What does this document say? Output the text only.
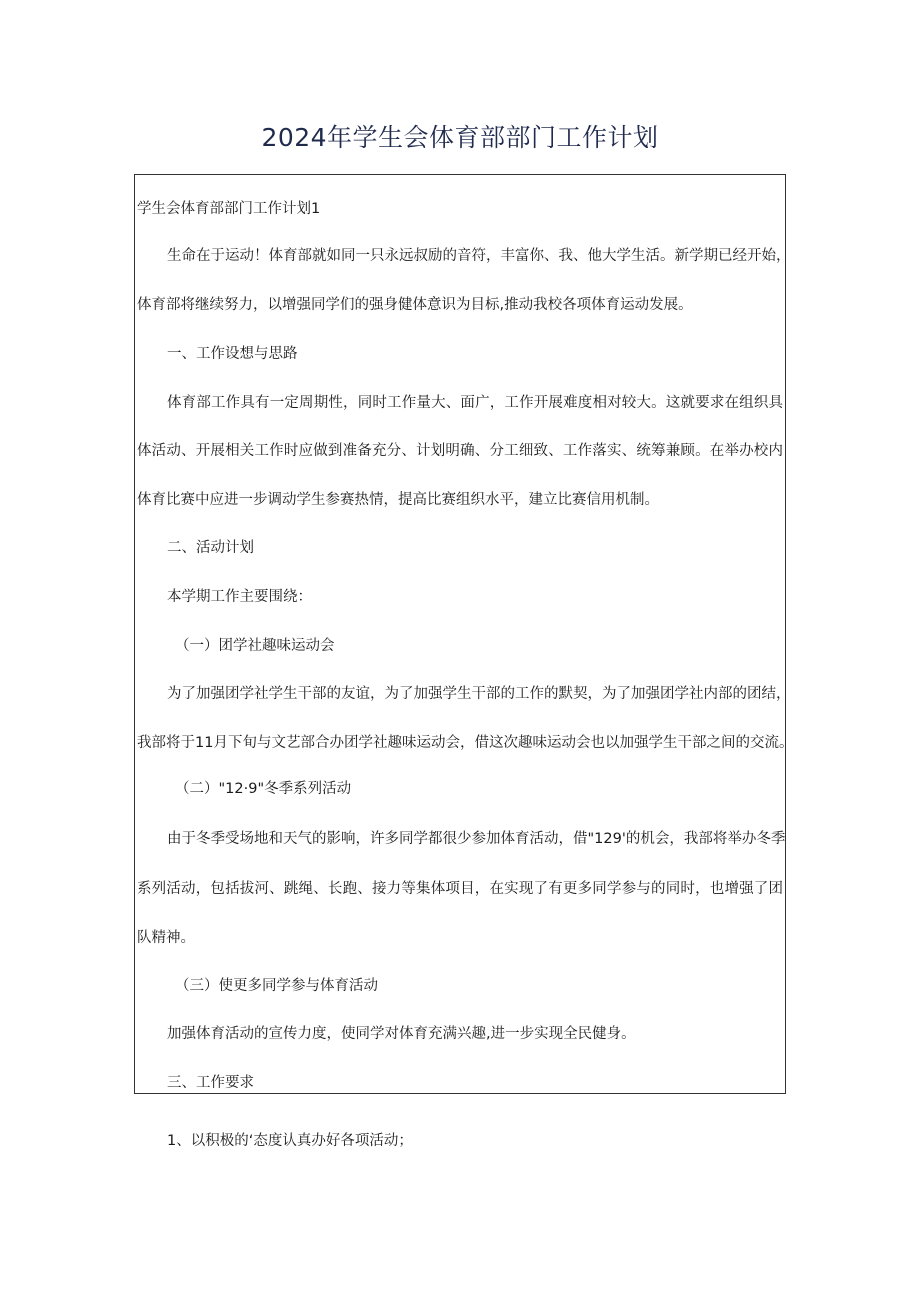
2024年学生会体育部部门工作计划

学生会体育部部门工作计划1

生命在于运动！体育部就如同一只永远叔励的音符，丰富你、我、他大学生活。新学期已经开始，

体育部将继续努力，以增强同学们的强身健体意识为目标,推动我校各项体育运动发展。

一、工作设想与思路

体育部工作具有一定周期性，同时工作量大、面广，工作开展难度相对较大。这就要求在组织具

体活动、开展相关工作时应做到准备充分、计划明确、分工细致、工作落实、统筹兼顾。在举办校内

体育比赛中应进一步调动学生参赛热情，提高比赛组织水平，建立比赛信用机制。

二、活动计划

本学期工作主要围绕：

（一）团学社趣味运动会

为了加强团学社学生干部的友谊，为了加强学生干部的工作的默契，为了加强团学社内部的团结，

我部将于11月下旬与文艺部合办团学社趣味运动会，借这次趣味运动会也以加强学生干部之间的交流。

（二）"12·9"冬季系列活动

由于冬季受场地和天气的影响，许多同学都很少参加体育活动，借"129'的机会，我部将举办冬季

系列活动，包括拔河、跳绳、长跑、接力等集体项目，在实现了有更多同学参与的同时，也增强了团

队精神。

（三）使更多同学参与体育活动

加强体育活动的宣传力度，使同学对体育充满兴趣,进一步实现全民健身。

三、工作要求

1、以积极的‘态度认真办好各项活动；
